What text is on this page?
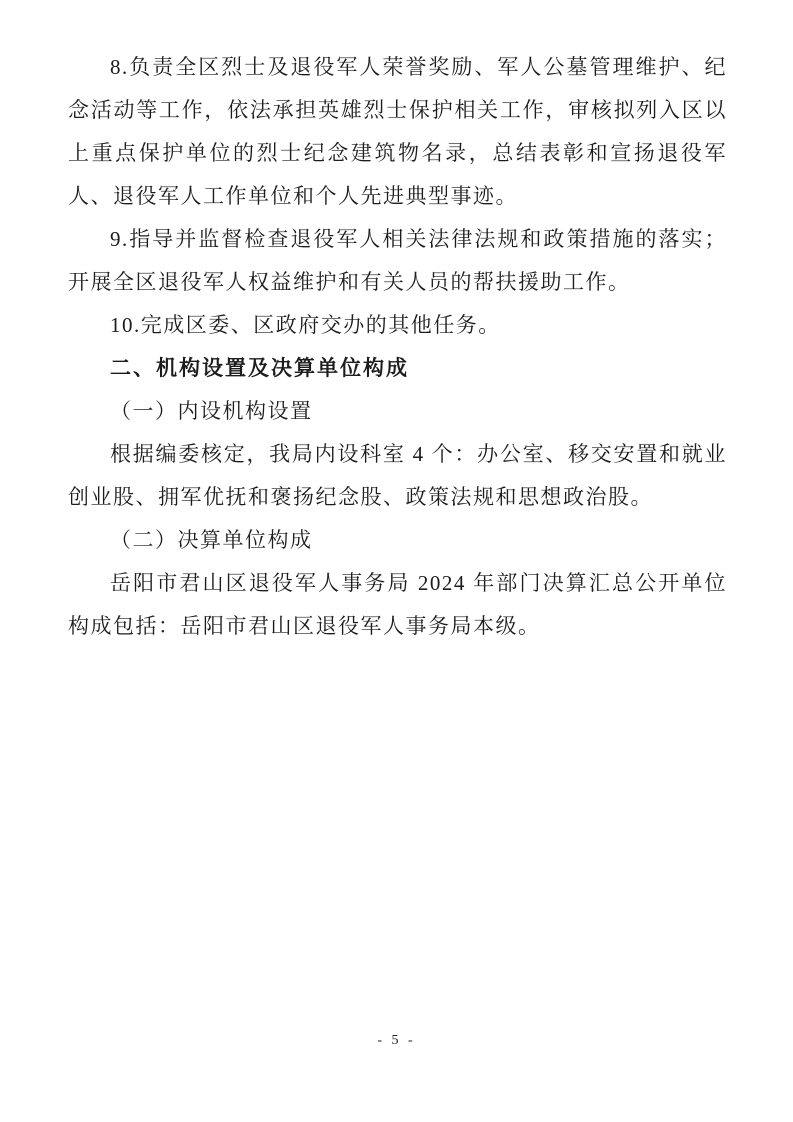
8.负责全区烈士及退役军人荣誉奖励、军人公墓管理维护、纪念活动等工作，依法承担英雄烈士保护相关工作，审核拟列入区以上重点保护单位的烈士纪念建筑物名录，总结表彰和宣扬退役军人、退役军人工作单位和个人先进典型事迹。

9.指导并监督检查退役军人相关法律法规和政策措施的落实；开展全区退役军人权益维护和有关人员的帮扶援助工作。

10.完成区委、区政府交办的其他任务。

二、机构设置及决算单位构成

（一）内设机构设置

根据编委核定，我局内设科室 4 个：办公室、移交安置和就业创业股、拥军优抚和褒扬纪念股、政策法规和思想政治股。

（二）决算单位构成

岳阳市君山区退役军人事务局 2024 年部门决算汇总公开单位构成包括：岳阳市君山区退役军人事务局本级。

- 5 -
